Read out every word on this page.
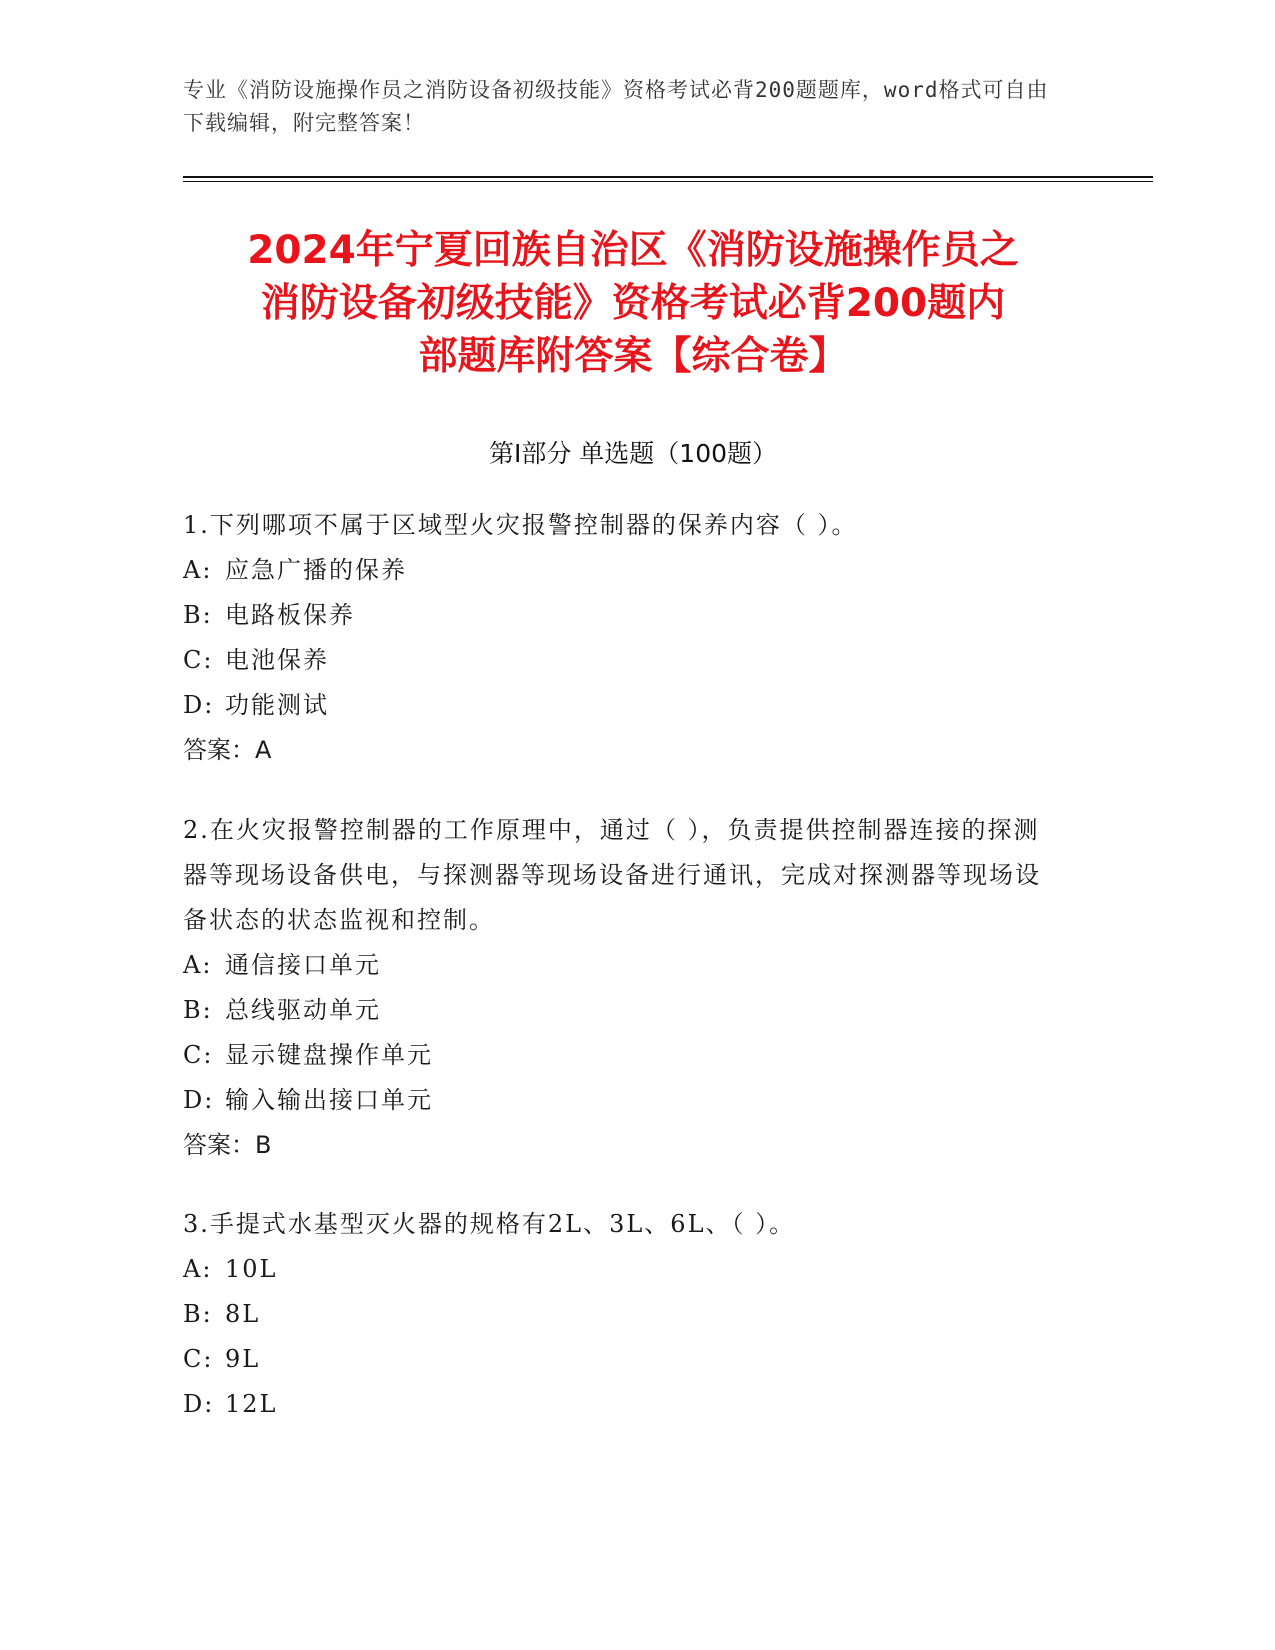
专业《消防设施操作员之消防设备初级技能》资格考试必背200题题库，word格式可自由下载编辑，附完整答案！
2024年宁夏回族自治区《消防设施操作员之
消防设备初级技能》资格考试必背200题内
部题库附答案【综合卷】
第Ⅰ部分 单选题（100题）

1.下列哪项不属于区域型火灾报警控制器的保养内容（ ）。

A: 应急广播的保养

B: 电路板保养

C: 电池保养

D: 功能测试

答案：A

2.在火灾报警控制器的工作原理中，通过（ ），负责提供控制器连接的探测器等现场设备供电，与探测器等现场设备进行通讯，完成对探测器等现场设备状态的状态监视和控制。

A: 通信接口单元

B: 总线驱动单元

C: 显示键盘操作单元

D: 输入输出接口单元

答案：B

3.手提式水基型灭火器的规格有2L、3L、6L、（ ）。

A: 10L

B: 8L

C: 9L

D: 12L
